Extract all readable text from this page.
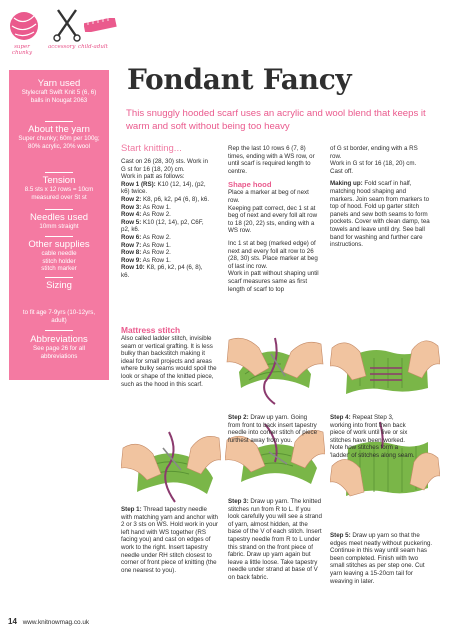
super chunky
accessory child-adult
Yarn used
Stylecraft Swift Knit 5 (6, 6) balls in Nougat 2063
About the yarn
Super chunky; 60m per 100g; 80% acrylic, 20% wool
Tension
8.5 sts x 12 rows = 10cm measured over St st
Needles used
10mm straight
Other supplies
cable needle
stitch holder
stitch marker
Sizing
to fit age 7-9yrs (10-12yrs, adult)
Abbreviations
See page 26 for all abbreviations
Fondant Fancy
This snuggly hooded scarf uses an acrylic and wool blend that keeps it warm and soft without being too heavy
Start knitting...
Cast on 26 (28, 30) sts. Work in G st for 16 (18, 20) cm.
Work in patt as follows:
Row 1 (RS): K10 (12, 14), (p2, k6) twice.
Row 2: K8, p6, k2, p4 (6, 8), k6.
Row 3: As Row 1.
Row 4: As Row 2.
Row 5: K10 (12, 14), p2, C6F, p2, k6.
Row 6: As Row 2.
Row 7: As Row 1.
Row 8: As Row 2.
Row 9: As Row 1.
Row 10: K8, p6, k2, p4 (6, 8), k6.
Rep the last 10 rows 6 (7, 8) times, ending with a WS row, or until scarf is required length to centre.
Shape hood
Place a marker at beg of next row.
Keeping patt correct, dec 1 st at beg of next and every foll alt row to 18 (20, 22) sts, ending with a WS row.
Inc 1 st at beg (marked edge) of next and every foll alt row to 26 (28, 30) sts. Place marker at beg of last inc row.
Work in patt without shaping until scarf measures same as first length of scarf to top
of G st border, ending with a RS row.
Work in G st for 16 (18, 20) cm. Cast off.
Making up: Fold scarf in half, matching hood shaping and markers. Join seam from markers to top of hood. Fold up garter stitch panels and sew both seams to form pockets. Cover with clean damp, tea towels and leave until dry. See ball band for washing and further care instructions.
Mattress stitch
Also called ladder stitch, invisible seam or vertical grafting. It is less bulky than backstitch making it ideal for small projects and areas where bulky seams would spoil the look or shape of the knitted piece, such as the hood in this scarf.
Step 1: Thread tapestry needle with matching yarn and anchor with 2 or 3 sts on WS. Hold work in your left hand with WS together (RS facing you) and cast on edges of work to the right. Insert tapestry needle under RH stitch closest to corner of front piece of knitting (the one nearest to you).
Step 2: Draw up yarn. Going from front to back insert tapestry needle into corner stitch of piece furthest away from you.
Step 3: Draw up yarn. The knitted stitches run from R to L. If you look carefully you will see a strand of yarn, almost hidden, at the base of the V of each stitch. Insert tapestry needle from R to L under this strand on the front piece of fabric. Draw up yarn again but leave a little loose. Take tapestry needle under strand at base of V on back fabric.
Step 4: Repeat Step 3, working into front then back piece of work until five or six stitches have been worked. Note how stitches form a 'ladder' of stitches along seam.
Step 5: Draw up yarn so that the edges meet neatly without puckering. Continue in this way until seam has been completed. Finish with two small stitches as per step one. Cut yarn leaving a 15-20cm tail for weaving in later.
14 www.knitnowmag.co.uk
